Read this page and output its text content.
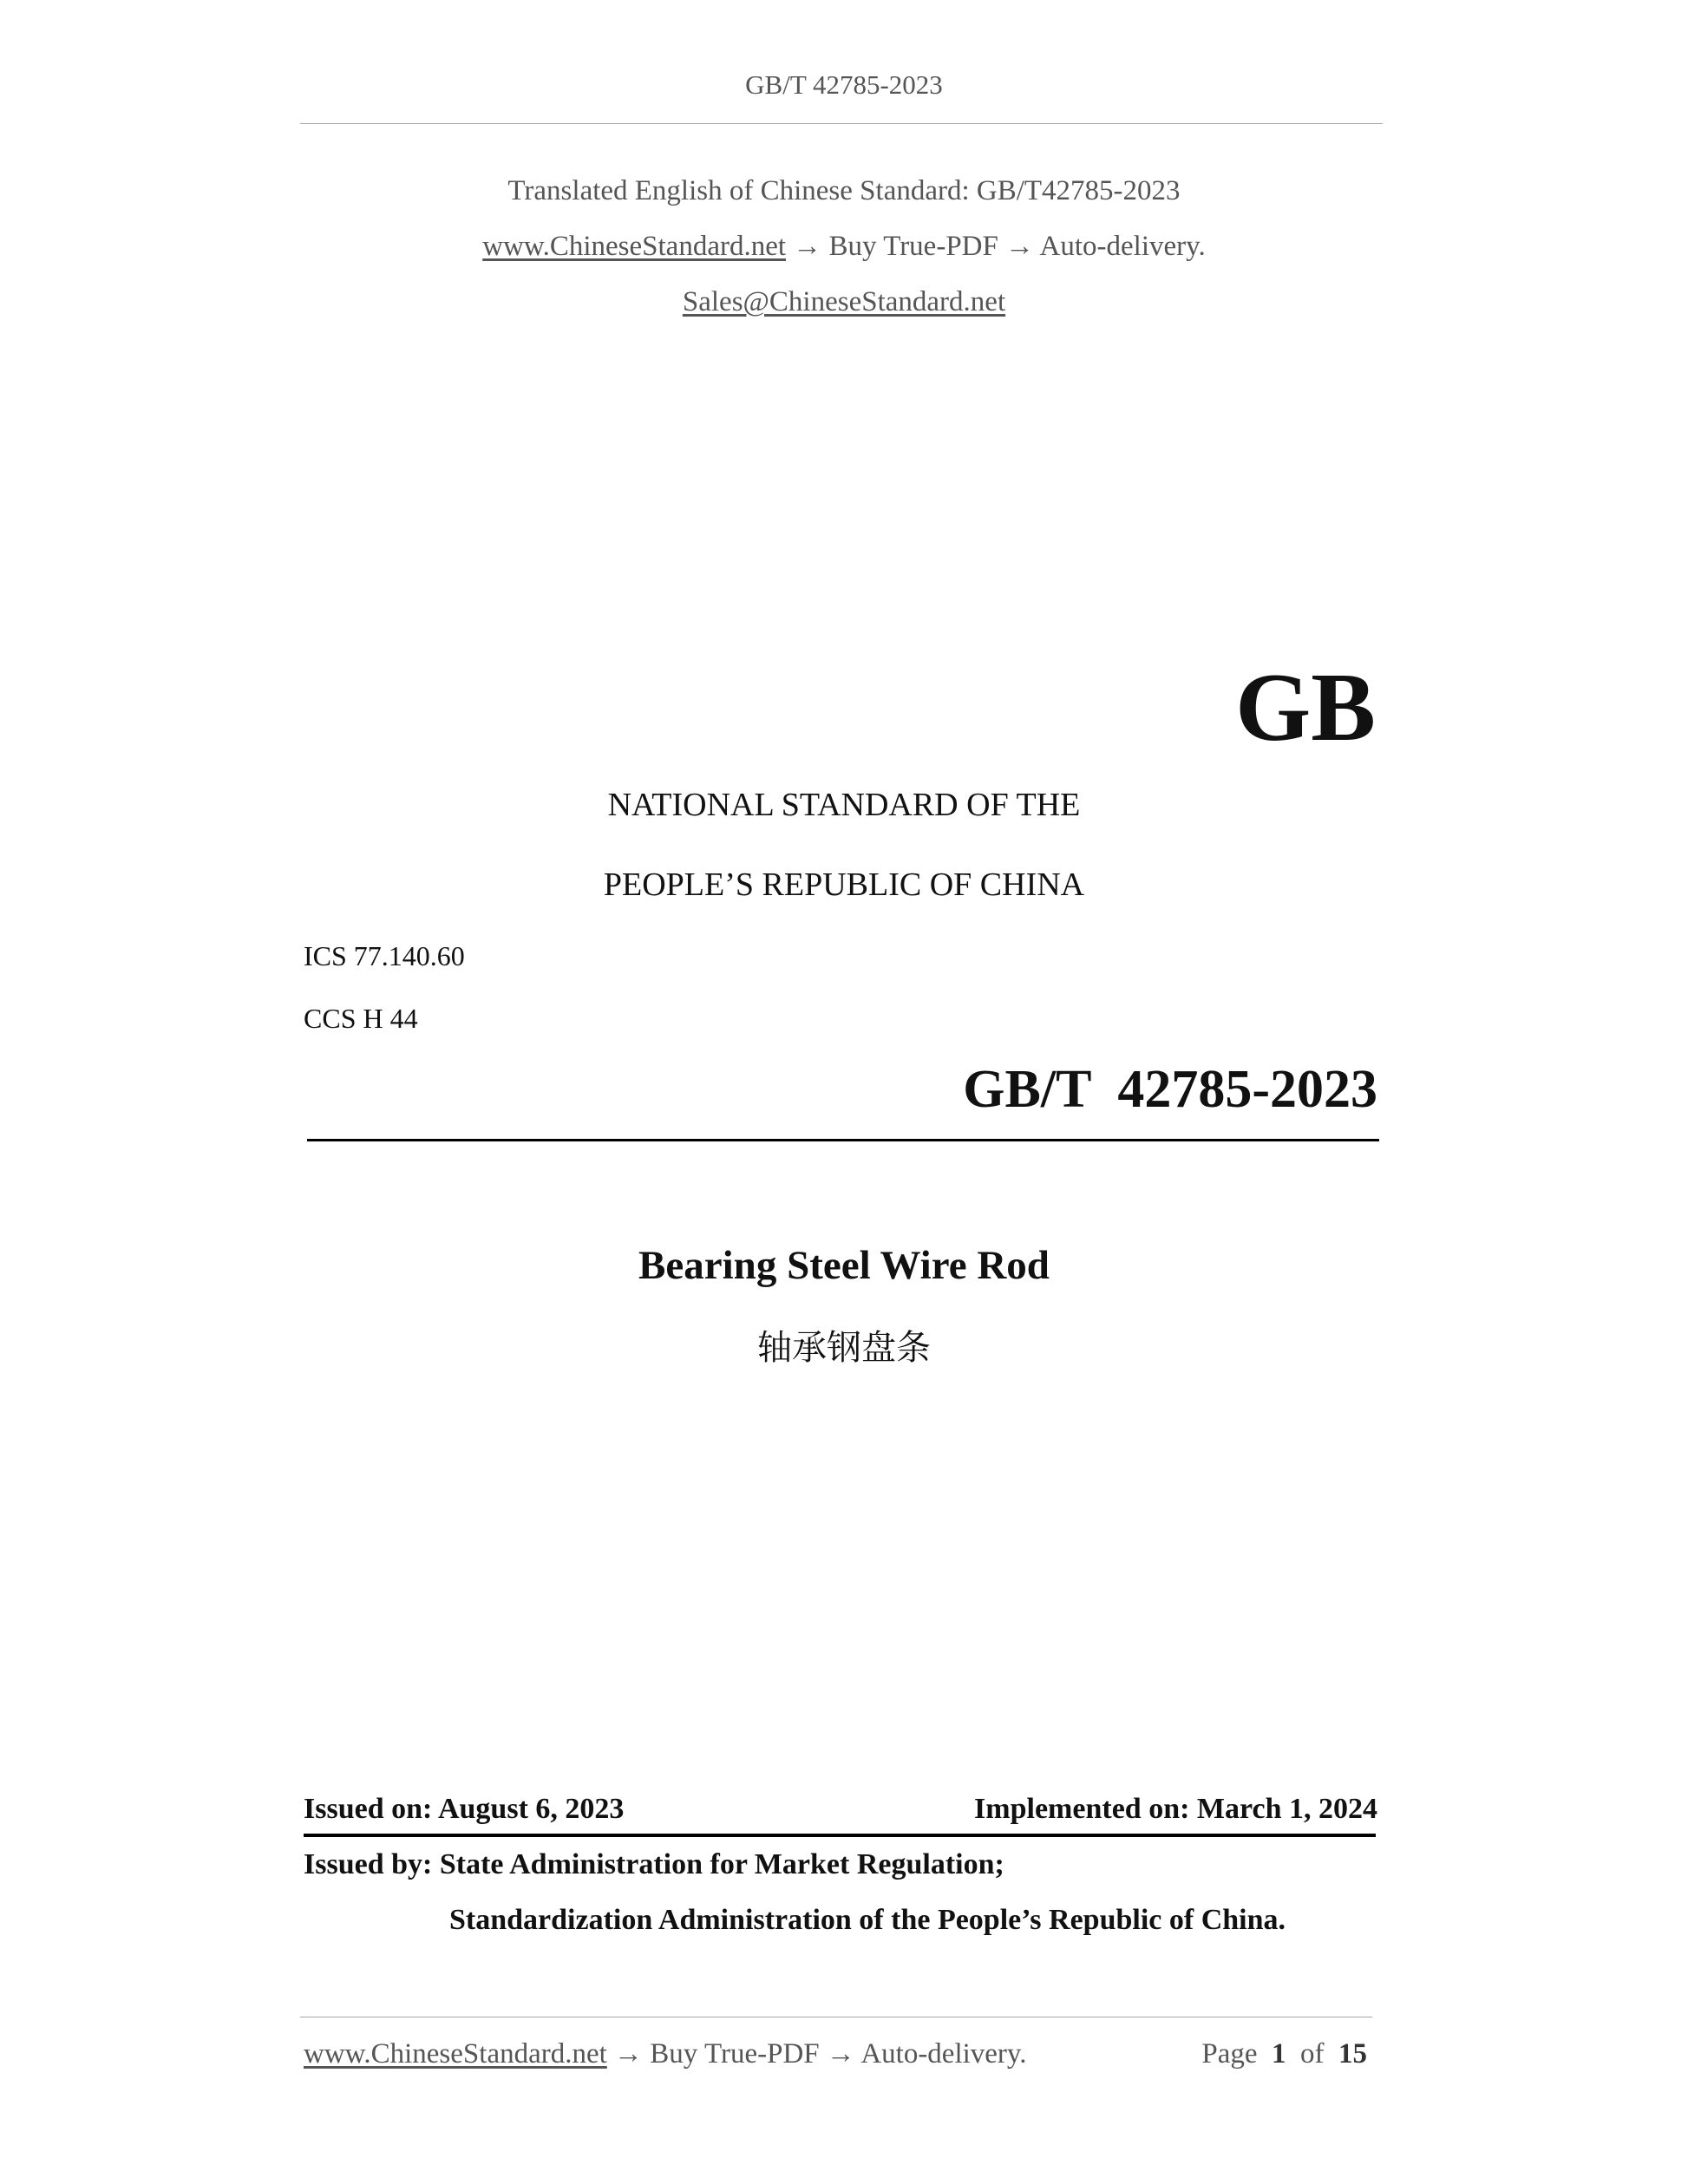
GB/T 42785-2023
Translated English of Chinese Standard: GB/T42785-2023
www.ChineseStandard.net → Buy True-PDF → Auto-delivery.
Sales@ChineseStandard.net
GB
NATIONAL STANDARD OF THE
PEOPLE’S REPUBLIC OF CHINA
ICS 77.140.60
CCS H 44
GB/T 42785-2023
Bearing Steel Wire Rod
轴承钢盘条
Issued on: August 6, 2023	Implemented on: March 1, 2024
Issued by: State Administration for Market Regulation;
Standardization Administration of the People’s Republic of China.
www.ChineseStandard.net → Buy True-PDF → Auto-delivery.	Page 1 of 15
